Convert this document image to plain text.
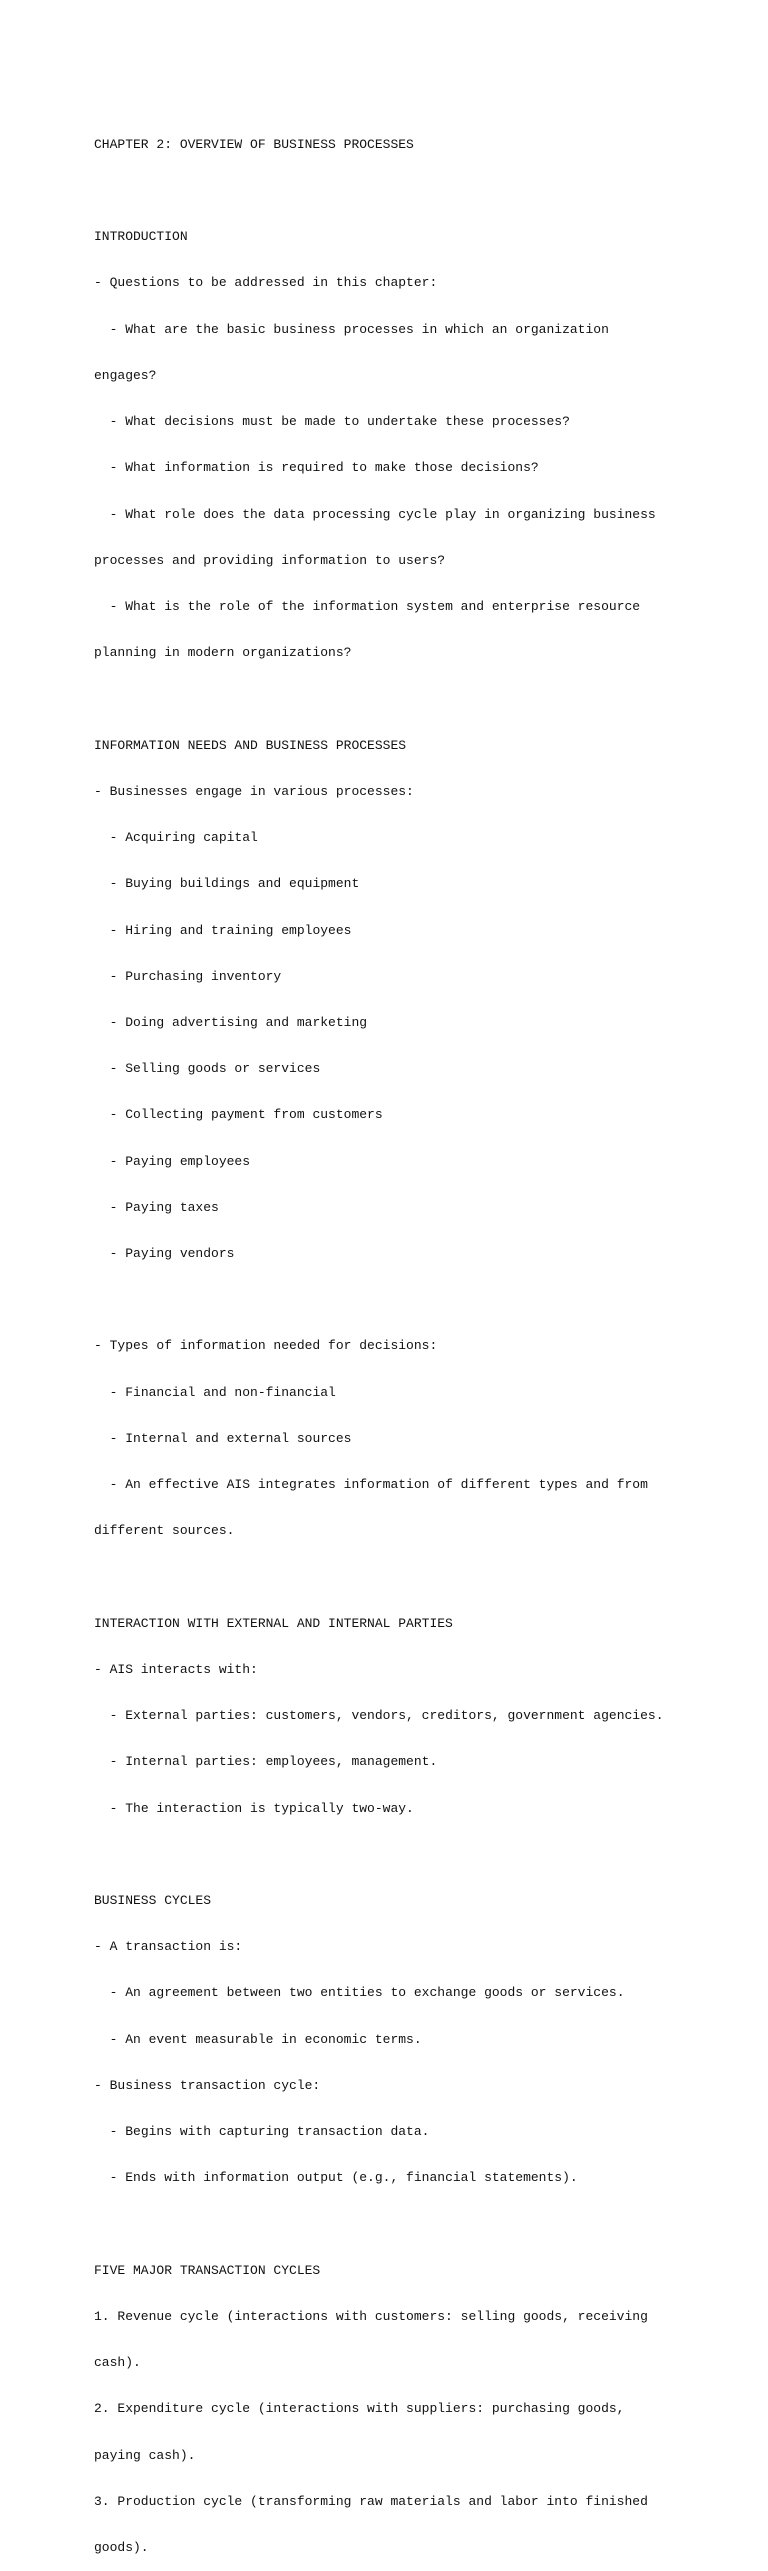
CHAPTER 2: OVERVIEW OF BUSINESS PROCESSES

INTRODUCTION

- Questions to be addressed in this chapter:

- What are the basic business processes in which an organization

engages?

- What decisions must be made to undertake these processes?

- What information is required to make those decisions?

- What role does the data processing cycle play in organizing business

processes and providing information to users?

- What is the role of the information system and enterprise resource

planning in modern organizations?

INFORMATION NEEDS AND BUSINESS PROCESSES

- Businesses engage in various processes:

- Acquiring capital

- Buying buildings and equipment

- Hiring and training employees

- Purchasing inventory

- Doing advertising and marketing

- Selling goods or services

- Collecting payment from customers

- Paying employees

- Paying taxes

- Paying vendors

- Types of information needed for decisions:

- Financial and non-financial

- Internal and external sources

- An effective AIS integrates information of different types and from

different sources.

INTERACTION WITH EXTERNAL AND INTERNAL PARTIES

- AIS interacts with:

- External parties: customers, vendors, creditors, government agencies.

- Internal parties: employees, management.

- The interaction is typically two-way.

BUSINESS CYCLES

- A transaction is:

- An agreement between two entities to exchange goods or services.

- An event measurable in economic terms.

- Business transaction cycle:

- Begins with capturing transaction data.

- Ends with information output (e.g., financial statements).

FIVE MAJOR TRANSACTION CYCLES

1. Revenue cycle (interactions with customers: selling goods, receiving

cash).

2. Expenditure cycle (interactions with suppliers: purchasing goods,

paying cash).

3. Production cycle (transforming raw materials and labor into finished

goods).
